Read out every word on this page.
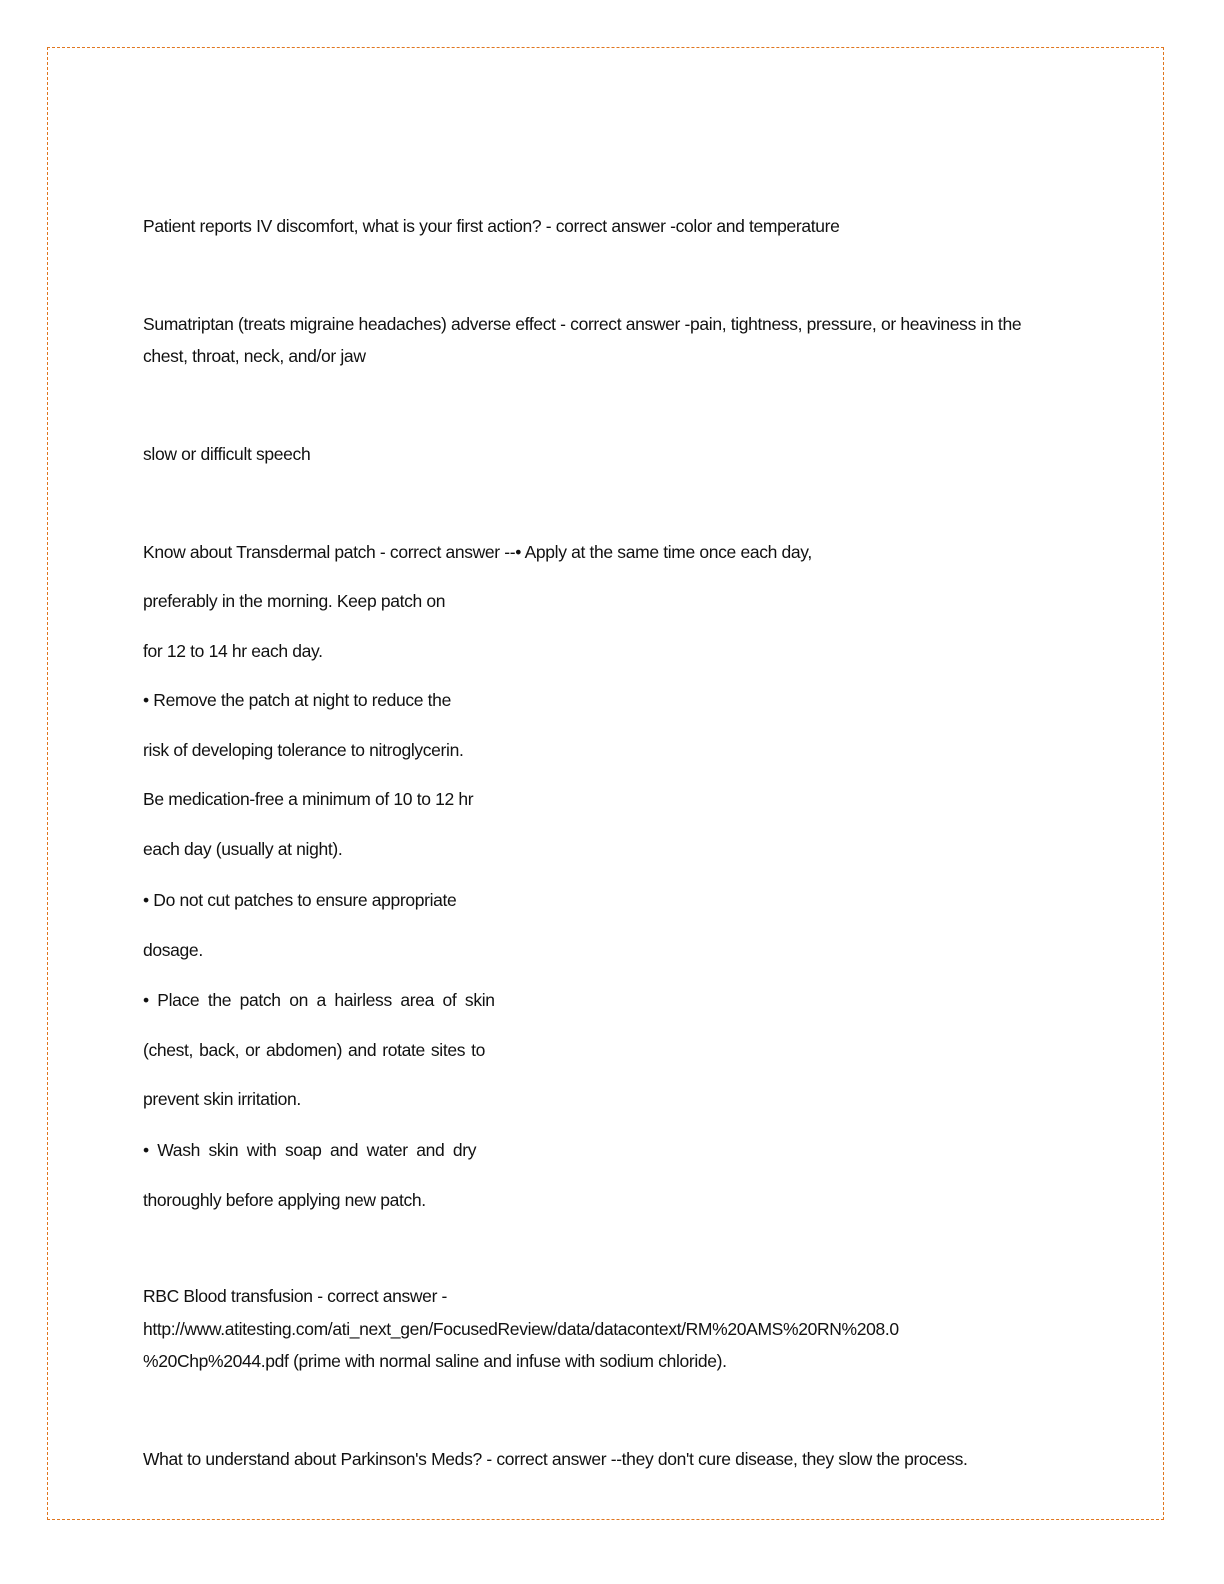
Patient reports IV discomfort, what is your first action? - correct answer -color and temperature
Sumatriptan (treats migraine headaches) adverse effect - correct answer -pain, tightness, pressure, or heaviness in the
chest, throat, neck, and/or jaw
slow or difficult speech
Know about Transdermal patch - correct answer --• Apply at the same time once each day,
preferably in the morning. Keep patch on
for 12 to 14 hr each day.
• Remove the patch at night to reduce the
risk of developing tolerance to nitroglycerin.
Be medication-free a minimum of 10 to 12 hr
each day (usually at night).
• Do not cut patches to ensure appropriate
dosage.
• Place the patch on a hairless area of skin
(chest, back, or abdomen) and rotate sites to
prevent skin irritation.
• Wash skin with soap and water and dry
thoroughly before applying new patch.
RBC Blood transfusion - correct answer -
http://www.atitesting.com/ati_next_gen/FocusedReview/data/datacontext/RM%20AMS%20RN%208.0
%20Chp%2044.pdf (prime with normal saline and infuse with sodium chloride).
What to understand about Parkinson's Meds? - correct answer --they don't cure disease, they slow the process.
